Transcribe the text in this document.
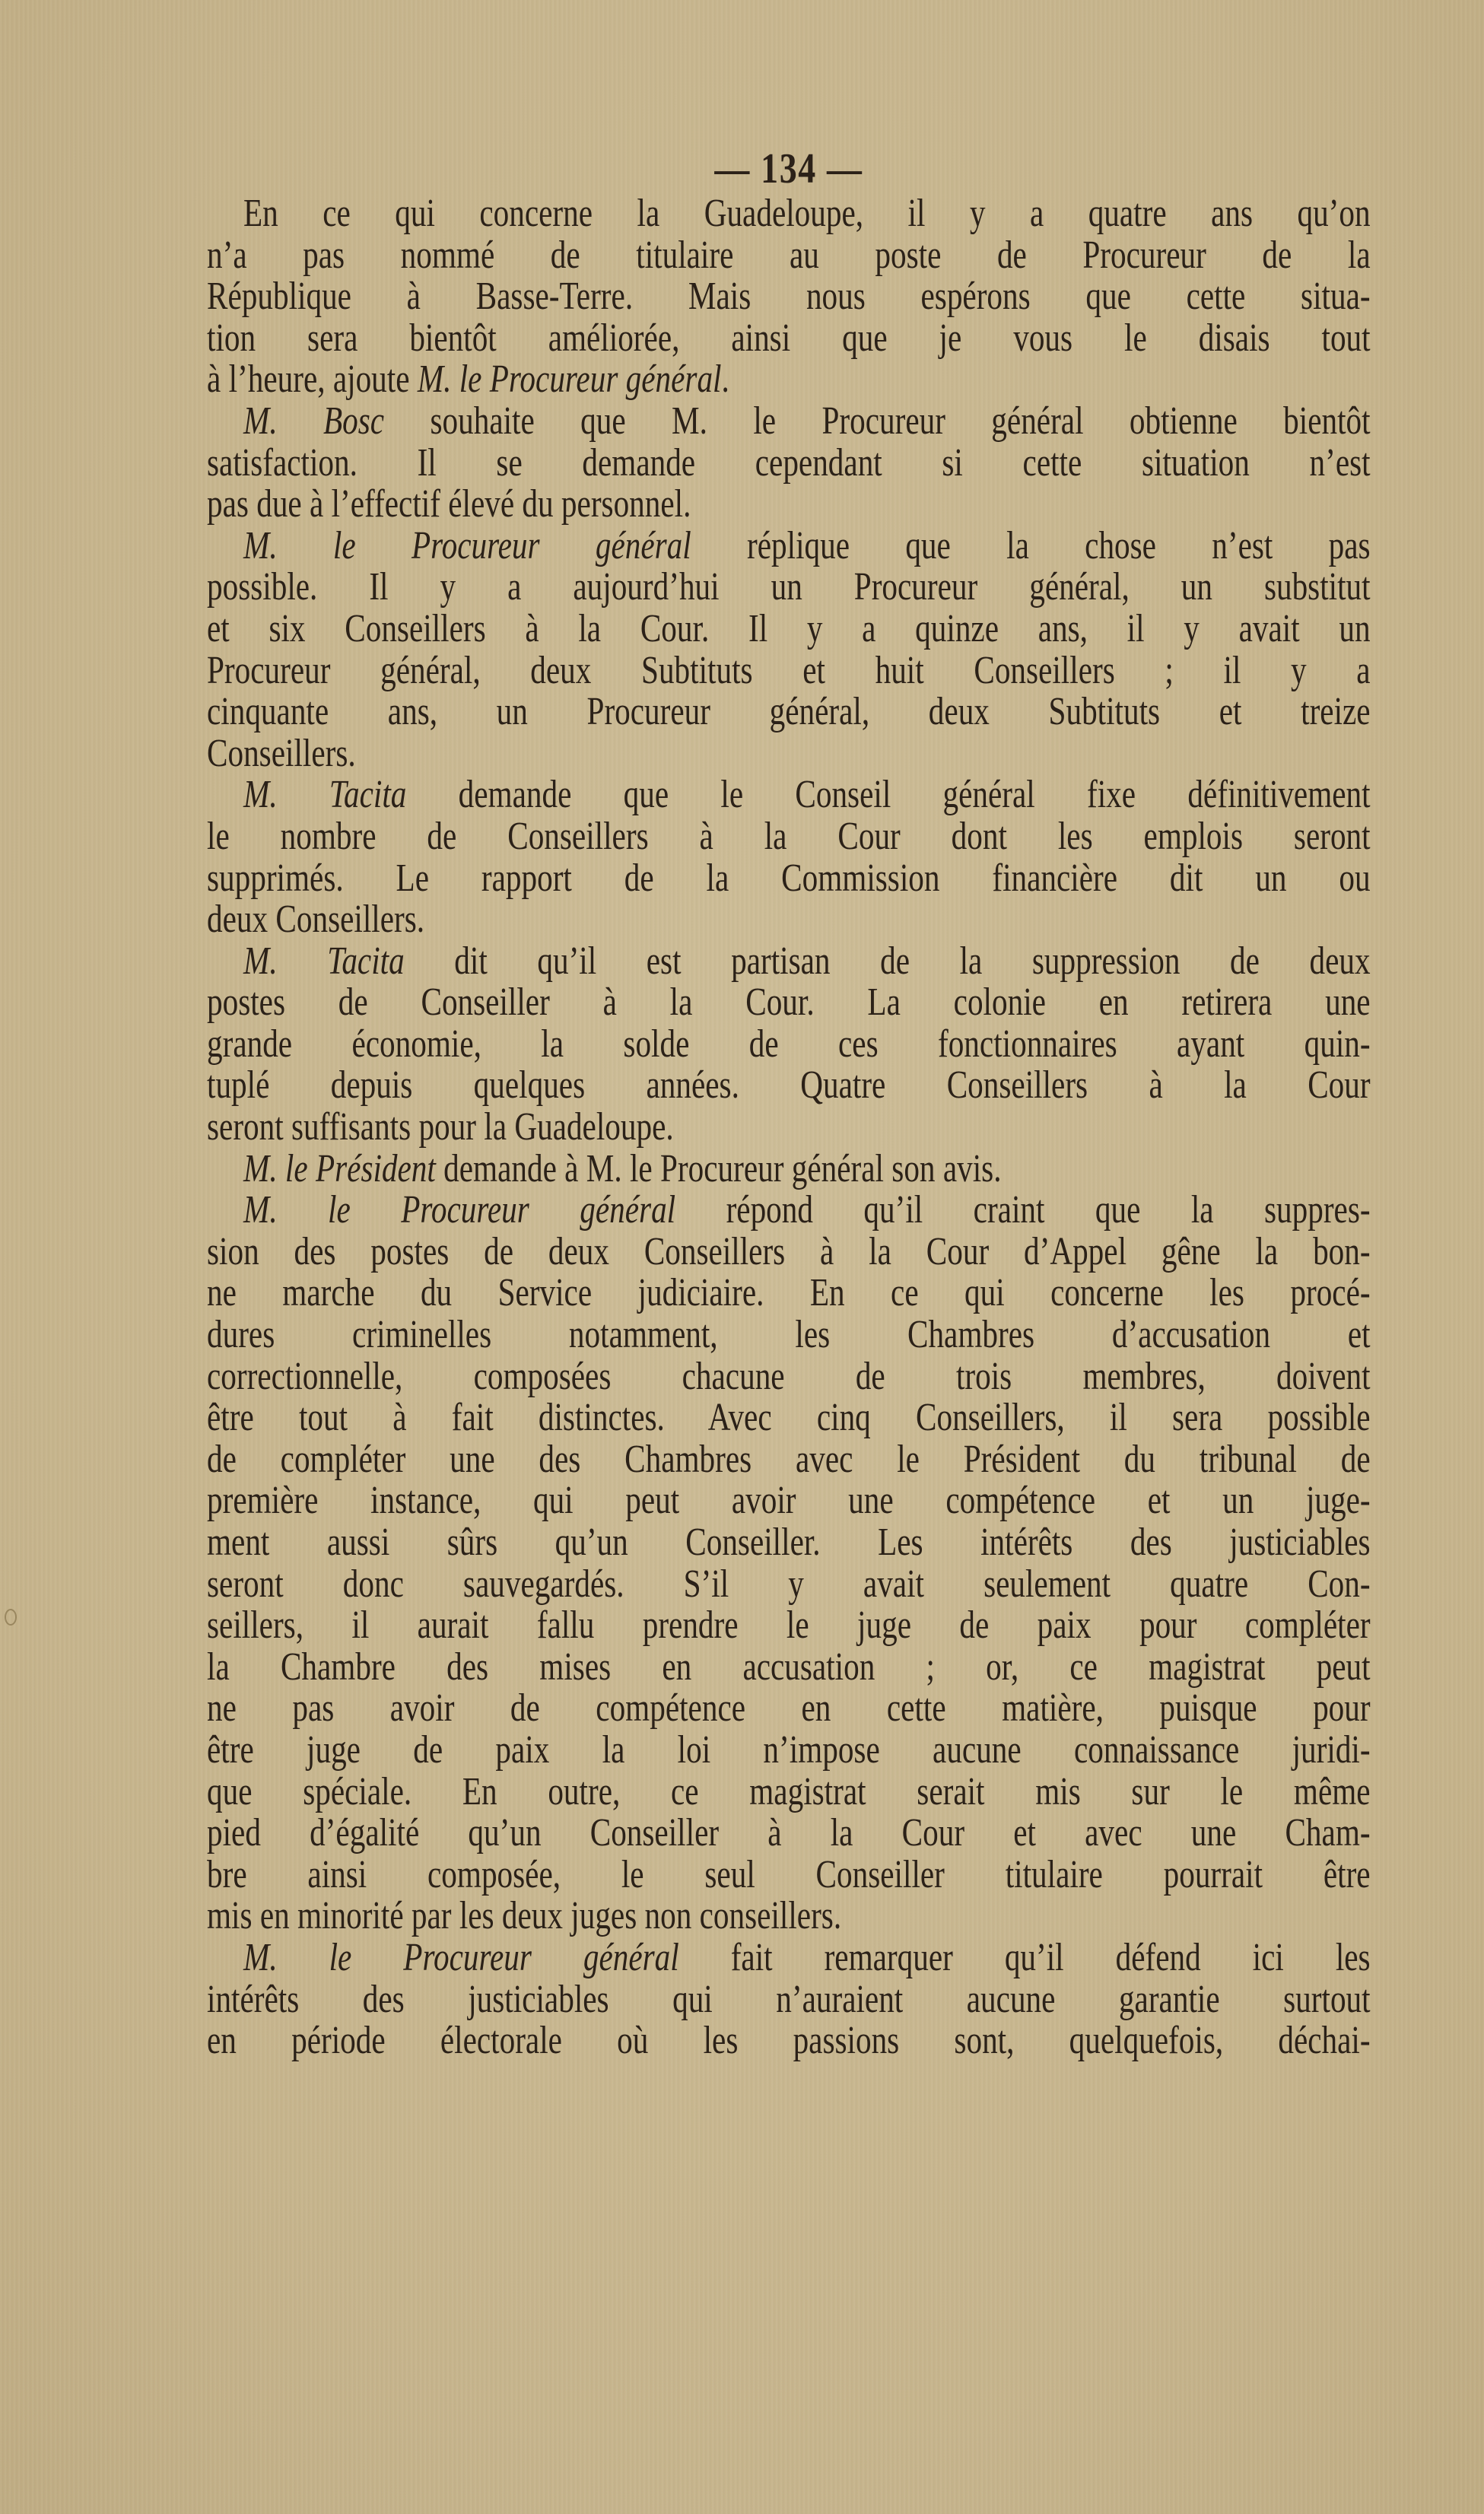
— 134 —
En ce qui concerne la Guadeloupe, il y a quatre ans qu’on
n’a pas nommé de titulaire au poste de Procureur de la
République à Basse-Terre. Mais nous espérons que cette situa-
tion sera bientôt améliorée, ainsi que je vous le disais tout
à l’heure, ajoute M. le Procureur général.
M. Bosc souhaite que M. le Procureur général obtienne bientôt
satisfaction. Il se demande cependant si cette situation n’est
pas due à l’effectif élevé du personnel.
M. le Procureur général réplique que la chose n’est pas
possible. Il y a aujourd’hui un Procureur général, un substitut
et six Conseillers à la Cour. Il y a quinze ans, il y avait un
Procureur général, deux Subtituts et huit Conseillers ; il y a
cinquante ans, un Procureur général, deux Subtituts et treize
Conseillers.
M. Tacita demande que le Conseil général fixe définitivement
le nombre de Conseillers à la Cour dont les emplois seront
supprimés. Le rapport de la Commission financière dit un ou
deux Conseillers.
M. Tacita dit qu’il est partisan de la suppression de deux
postes de Conseiller à la Cour. La colonie en retirera une
grande économie, la solde de ces fonctionnaires ayant quin-
tuplé depuis quelques années. Quatre Conseillers à la Cour
seront suffisants pour la Guadeloupe.
M. le Président demande à M. le Procureur général son avis.
M. le Procureur général répond qu’il craint que la suppres-
sion des postes de deux Conseillers à la Cour d’Appel gêne la bon-
ne marche du Service judiciaire. En ce qui concerne les procé-
dures criminelles notamment, les Chambres d’accusation et
correctionnelle, composées chacune de trois membres, doivent
être tout à fait distinctes. Avec cinq Conseillers, il sera possible
de compléter une des Chambres avec le Président du tribunal de
première instance, qui peut avoir une compétence et un juge-
ment aussi sûrs qu’un Conseiller. Les intérêts des justiciables
seront donc sauvegardés. S’il y avait seulement quatre Con-
seillers, il aurait fallu prendre le juge de paix pour compléter
la Chambre des mises en accusation ; or, ce magistrat peut
ne pas avoir de compétence en cette matière, puisque pour
être juge de paix la loi n’impose aucune connaissance juridi-
que spéciale. En outre, ce magistrat serait mis sur le même
pied d’égalité qu’un Conseiller à la Cour et avec une Cham-
bre ainsi composée, le seul Conseiller titulaire pourrait être
mis en minorité par les deux juges non conseillers.
M. le Procureur général fait remarquer qu’il défend ici les
intérêts des justiciables qui n’auraient aucune garantie surtout
en période électorale où les passions sont, quelquefois, déchai-
